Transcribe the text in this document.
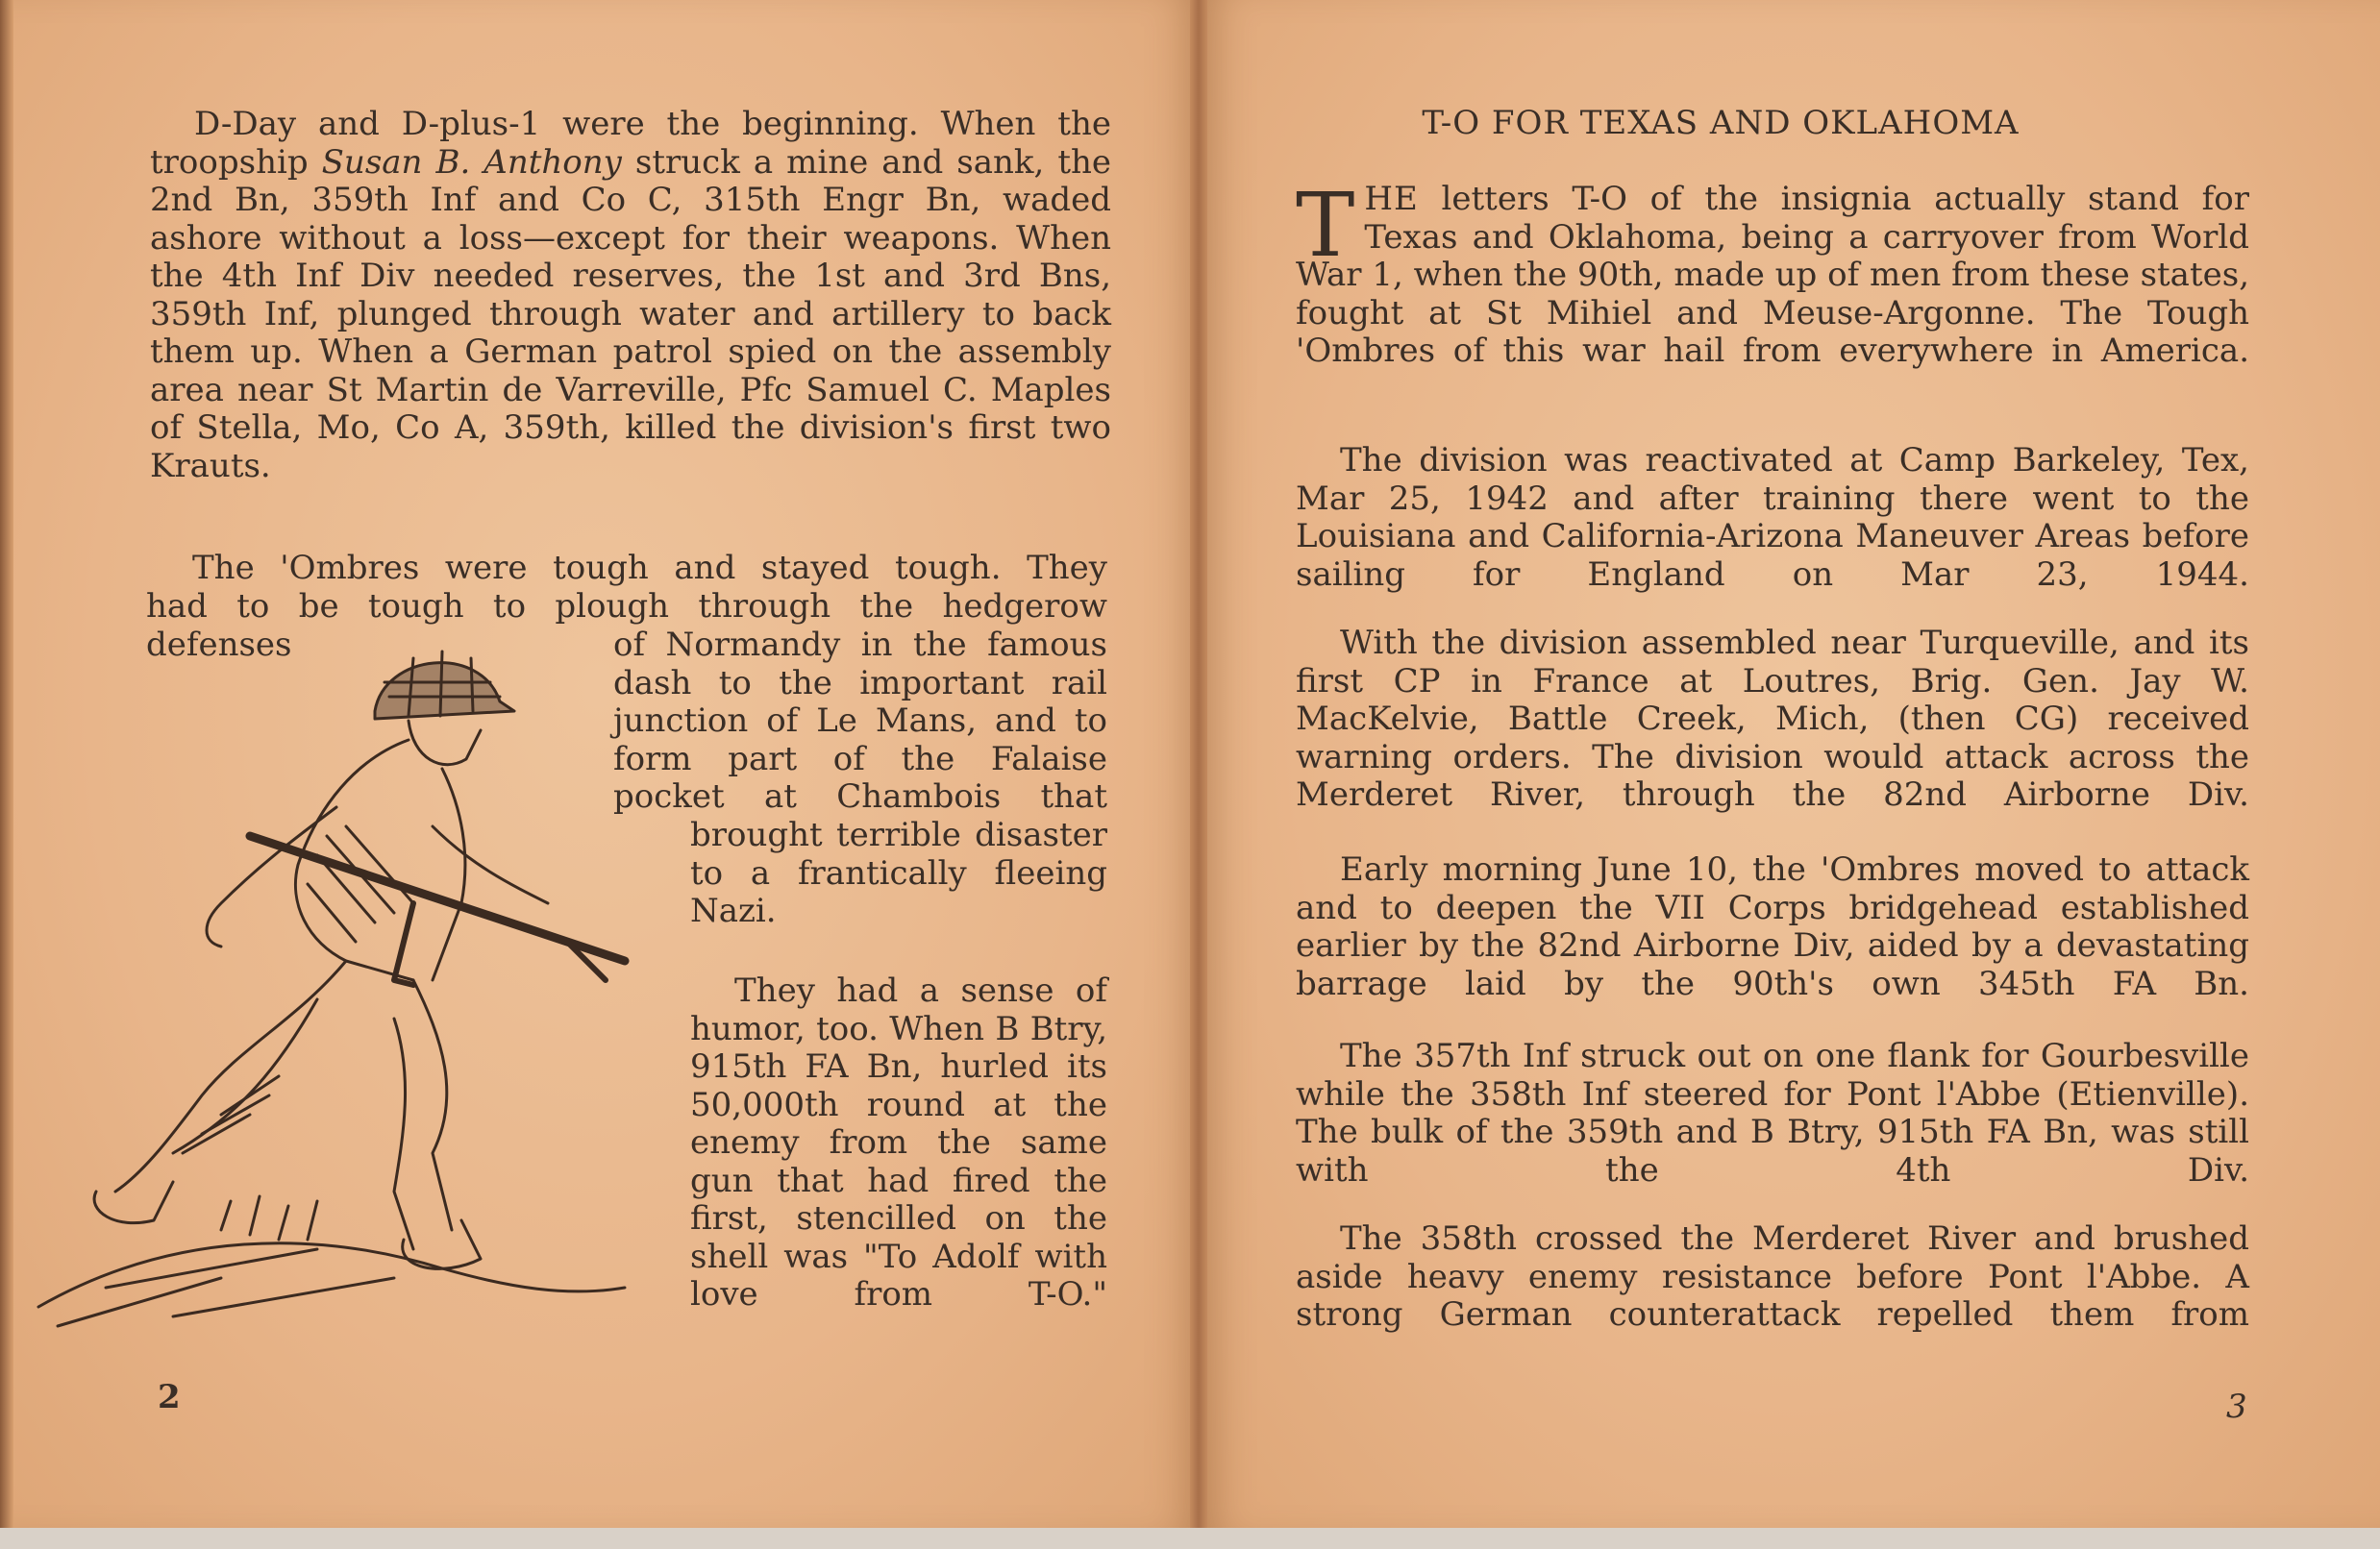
D-Day and D-plus-1 were the beginning. When the troopship Susan B. Anthony struck a mine and sank, the 2nd Bn, 359th Inf and Co C, 315th Engr Bn, waded ashore without a loss—except for their weapons. When the 4th Inf Div needed reserves, the 1st and 3rd Bns, 359th Inf, plunged through water and artillery to back them up. When a German patrol spied on the assembly area near St Martin de Varreville, Pfc Samuel C. Maples of Stella, Mo, Co A, 359th, killed the division's first two Krauts.

The 'Ombres were tough and stayed tough. They

had to be tough to plough through the hedgerow defenses	of Normandy in the famous dash to the important rail junction of Le Mans, and to form part of the Falaise pocket at Chambois that

brought terrible disaster to a frantically fleeing Nazi.

They had a sense of humor, too. When B Btry, 915th FA Bn, hurled its 50,000th round at the enemy from the same gun that had fired the first, stencilled on the shell was "To Adolf with love from T-O."

2
T-O FOR TEXAS AND OKLAHOMA

THE letters T-O of the insignia actually stand for Texas and Oklahoma, being a carryover from World War 1, when the 90th, made up of men from these states, fought at St Mihiel and Meuse-Argonne. The Tough 'Ombres of this war hail from everywhere in America.

The division was reactivated at Camp Barkeley, Tex, Mar 25, 1942 and after training there went to the Louisiana and California-Arizona Maneuver Areas before sailing for England on Mar 23, 1944.

With the division assembled near Turqueville, and its first CP in France at Loutres, Brig. Gen. Jay W. MacKelvie, Battle Creek, Mich, (then CG) received warning orders. The division would attack across the Merderet River, through the 82nd Airborne Div.

Early morning June 10, the 'Ombres moved to attack and to deepen the VII Corps bridgehead established earlier by the 82nd Airborne Div, aided by a devastating barrage laid by the 90th's own 345th FA Bn.

The 357th Inf struck out on one flank for Gourbesville while the 358th Inf steered for Pont l'Abbe (Etienville). The bulk of the 359th and B Btry, 915th FA Bn, was still with the 4th Div.

The 358th crossed the Merderet River and brushed aside heavy enemy resistance before Pont l'Abbe. A strong German counterattack repelled them from

3
